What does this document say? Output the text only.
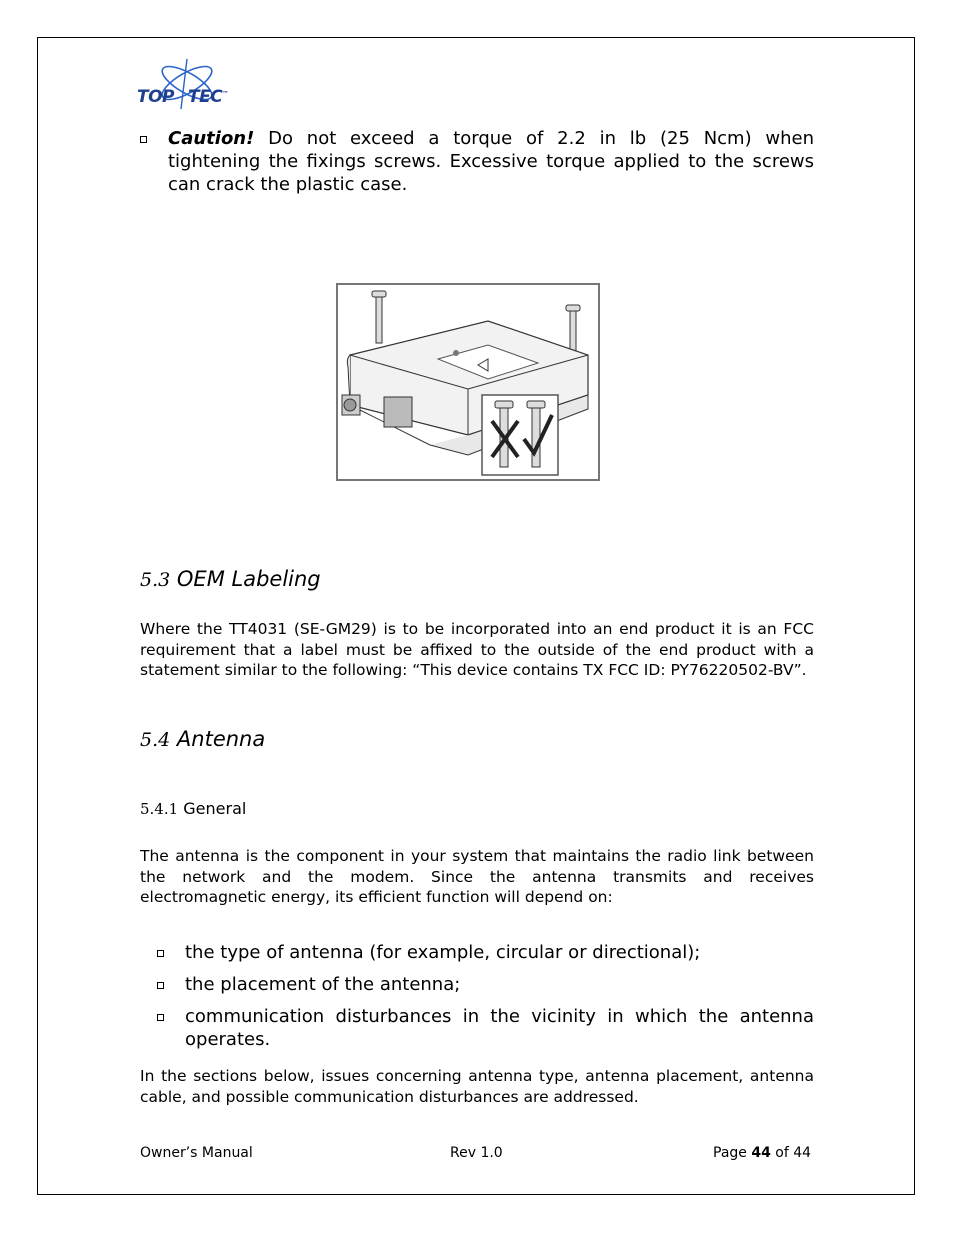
TOP TEC™
Caution! Do not exceed a torque of 2.2 in lb (25 Ncm) when tightening the fixings screws. Excessive torque applied to the screws can crack the plastic case.
5.3 OEM Labeling
Where the TT4031 (SE-GM29) is to be incorporated into an end product it is an FCC requirement that a label must be affixed to the outside of the end product with a statement similar to the following: “This device contains TX FCC ID: PY76220502-BV”.
5.4 Antenna
5.4.1 General
The antenna is the component in your system that maintains the radio link between the network and the modem. Since the antenna transmits and receives electromagnetic energy, its efficient function will depend on:
the type of antenna (for example, circular or directional);
the placement of the antenna;
communication disturbances in the vicinity in which the antenna operates.
In the sections below, issues concerning antenna type, antenna placement, antenna cable, and possible communication disturbances are addressed.
Owner’s Manual	Rev 1.0	Page 44 of 44
